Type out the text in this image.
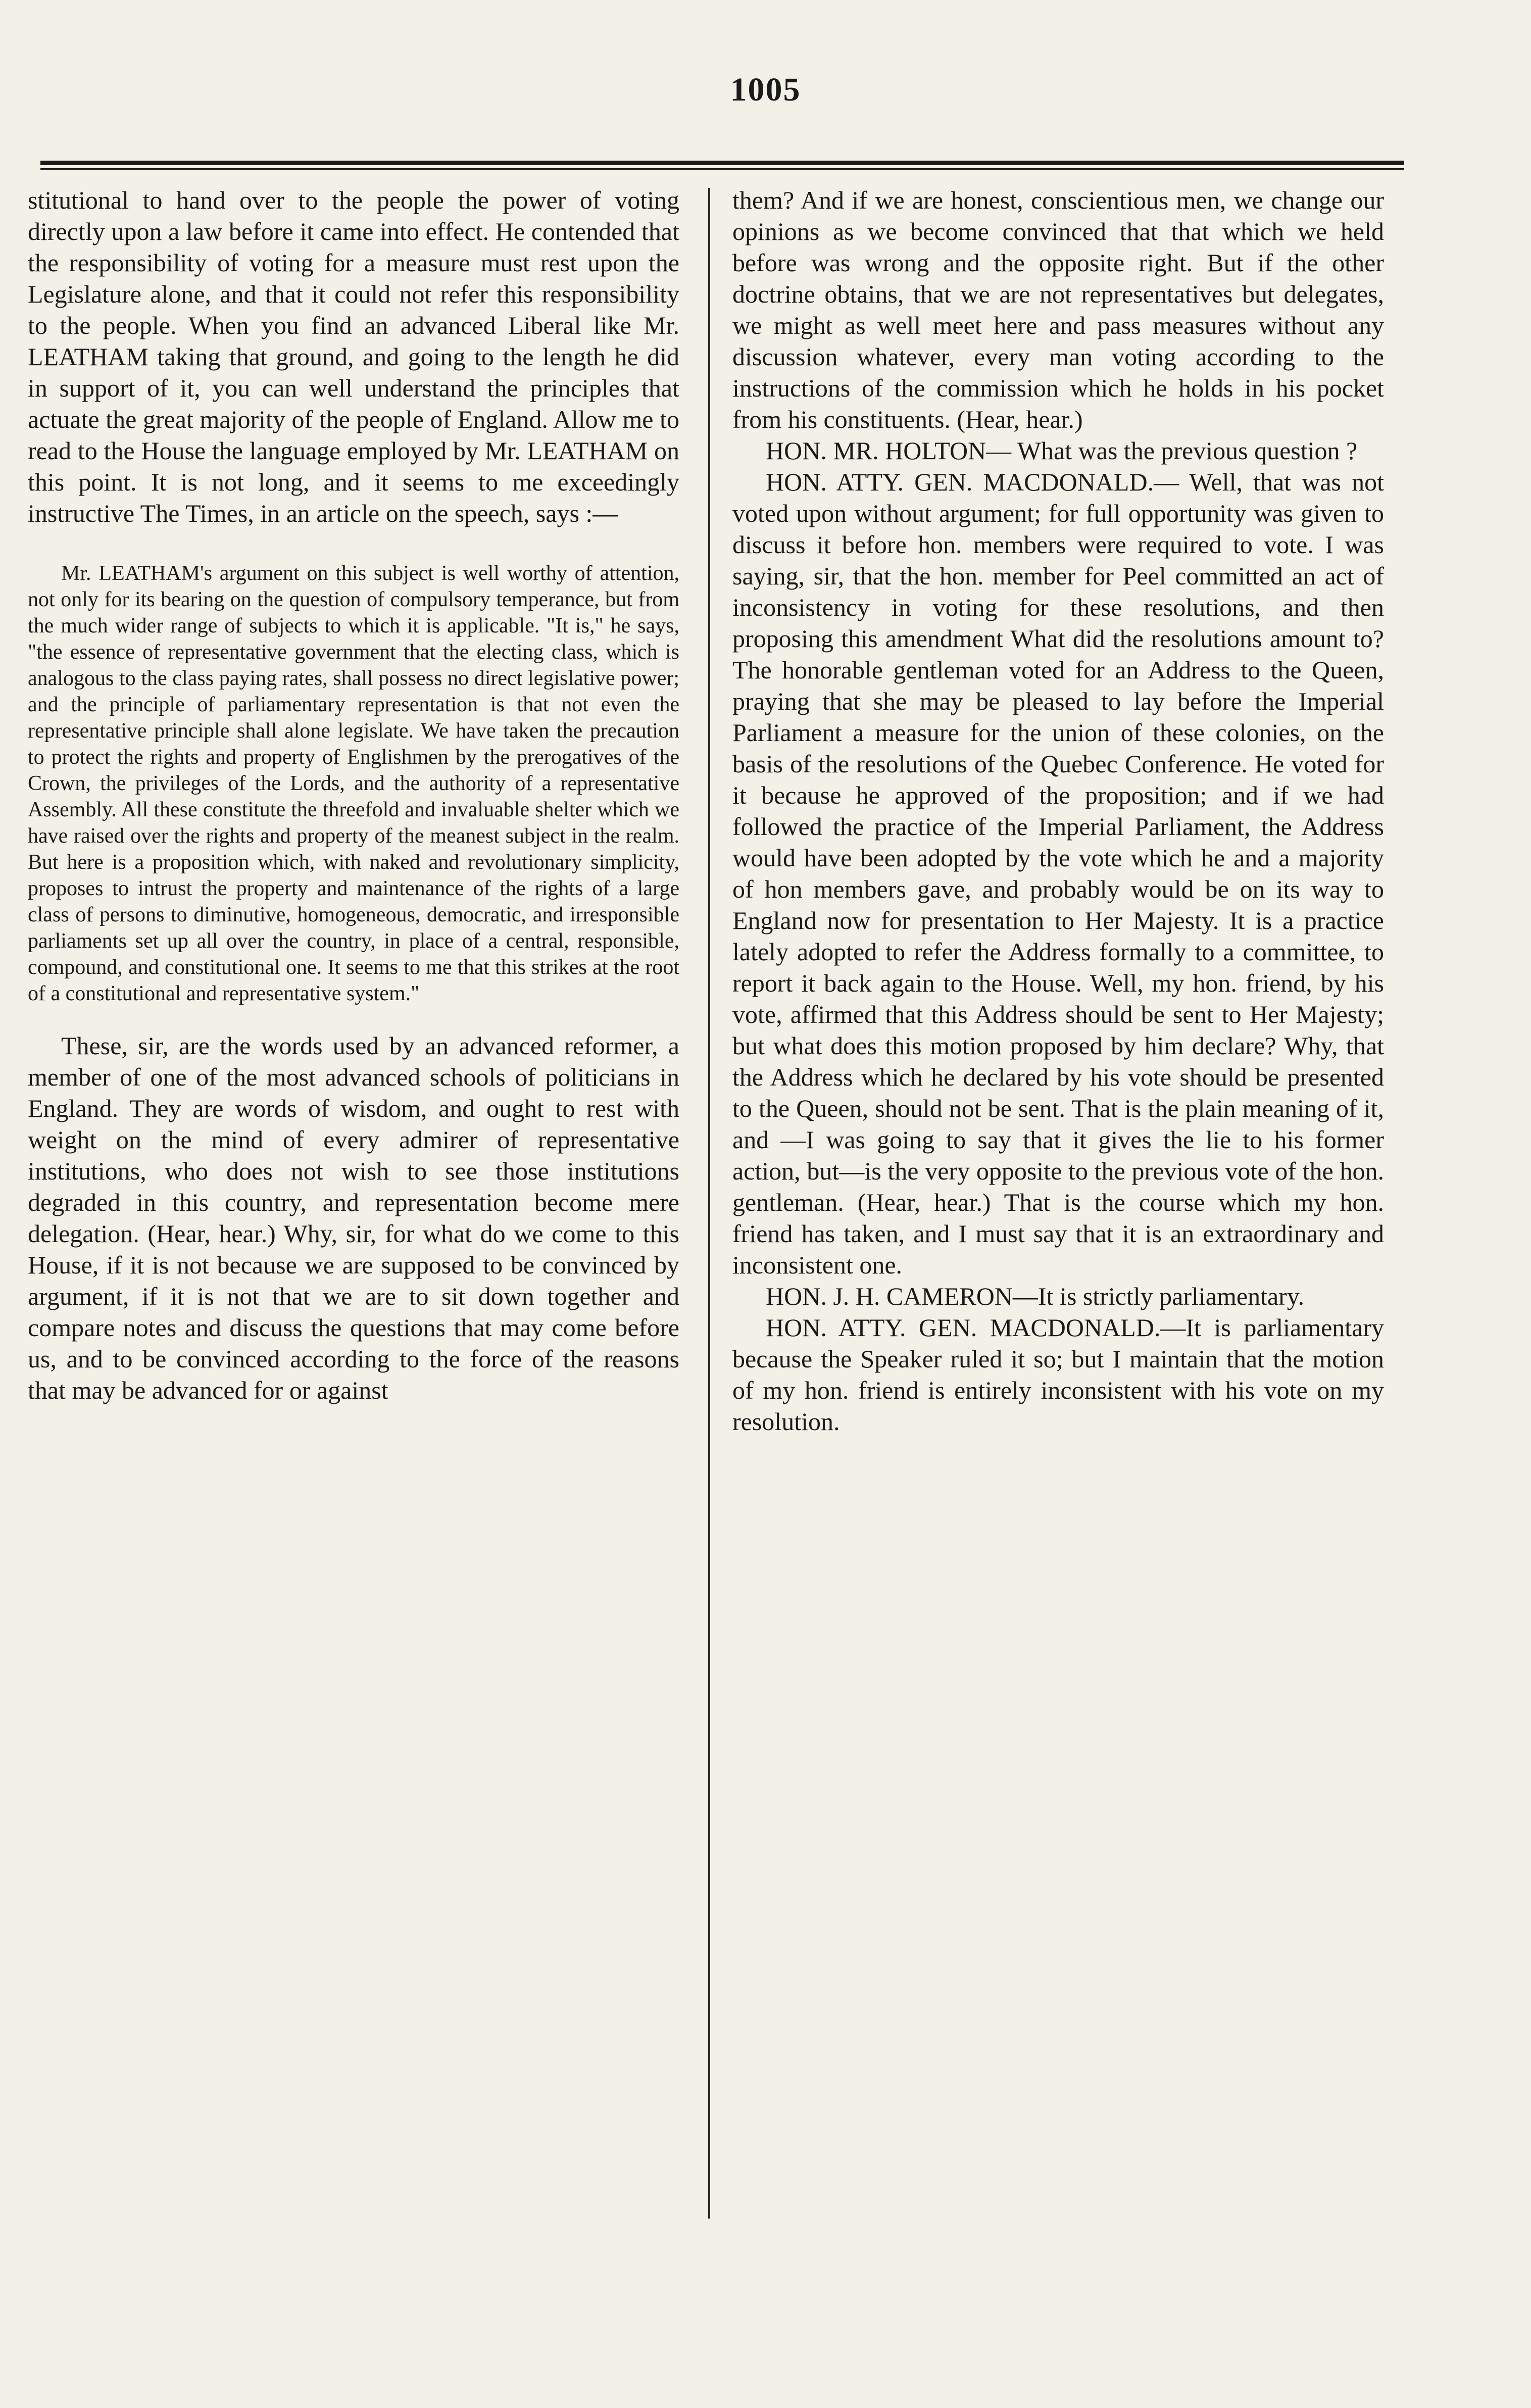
1005

stitutional to hand over to the people the power of voting directly upon a law before it came into effect. He contended that the responsibility of voting for a measure must rest upon the Legislature alone, and that it could not refer this responsibility to the people. When you find an advanced Liberal like Mr. LEATHAM taking that ground, and going to the length he did in support of it, you can well understand the principles that actuate the great majority of the people of England. Allow me to read to the House the language employed by Mr. LEATHAM on this point. It is not long, and it seems to me exceedingly instructive The Times, in an article on the speech, says :—

Mr. LEATHAM's argument on this subject is well worthy of attention, not only for its bearing on the question of compulsory temperance, but from the much wider range of subjects to which it is applicable. "It is," he says, "the essence of representative government that the electing class, which is analogous to the class paying rates, shall possess no direct legislative power; and the principle of parliamentary representation is that not even the representative principle shall alone legislate. We have taken the precaution to protect the rights and property of Englishmen by the prerogatives of the Crown, the privileges of the Lords, and the authority of a representative Assembly. All these constitute the threefold and invaluable shelter which we have raised over the rights and property of the meanest subject in the realm. But here is a proposition which, with naked and revolutionary simplicity, proposes to intrust the property and maintenance of the rights of a large class of persons to diminutive, homogeneous, democratic, and irresponsible parliaments set up all over the country, in place of a central, responsible, compound, and constitutional one. It seems to me that this strikes at the root of a constitutional and representative system."

These, sir, are the words used by an advanced reformer, a member of one of the most advanced schools of politicians in England. They are words of wisdom, and ought to rest with weight on the mind of every admirer of representative institutions, who does not wish to see those institutions degraded in this country, and representation become mere delegation. (Hear, hear.) Why, sir, for what do we come to this House, if it is not because we are supposed to be convinced by argument, if it is not that we are to sit down together and compare notes and discuss the questions that may come before us, and to be convinced according to the force of the reasons that may be advanced for or against

them? And if we are honest, conscientious men, we change our opinions as we become convinced that that which we held before was wrong and the opposite right. But if the other doctrine obtains, that we are not representatives but delegates, we might as well meet here and pass measures without any discussion whatever, every man voting according to the instructions of the commission which he holds in his pocket from his constituents. (Hear, hear.)

HON. MR. HOLTON— What was the previous question ?

HON. ATTY. GEN. MACDONALD.— Well, that was not voted upon without argument; for full opportunity was given to discuss it before hon. members were required to vote. I was saying, sir, that the hon. member for Peel committed an act of inconsistency in voting for these resolutions, and then proposing this amendment What did the resolutions amount to? The honorable gentleman voted for an Address to the Queen, praying that she may be pleased to lay before the Imperial Parliament a measure for the union of these colonies, on the basis of the resolutions of the Quebec Conference. He voted for it because he approved of the proposition; and if we had followed the practice of the Imperial Parliament, the Address would have been adopted by the vote which he and a majority of hon members gave, and probably would be on its way to England now for presentation to Her Majesty. It is a practice lately adopted to refer the Address formally to a committee, to report it back again to the House. Well, my hon. friend, by his vote, affirmed that this Address should be sent to Her Majesty; but what does this motion proposed by him declare? Why, that the Address which he declared by his vote should be presented to the Queen, should not be sent. That is the plain meaning of it, and —I was going to say that it gives the lie to his former action, but—is the very opposite to the previous vote of the hon. gentleman. (Hear, hear.) That is the course which my hon. friend has taken, and I must say that it is an extraordinary and inconsistent one.

HON. J. H. CAMERON—It is strictly parliamentary.

HON. ATTY. GEN. MACDONALD.—It is parliamentary because the Speaker ruled it so; but I maintain that the motion of my hon. friend is entirely inconsistent with his vote on my resolution.
